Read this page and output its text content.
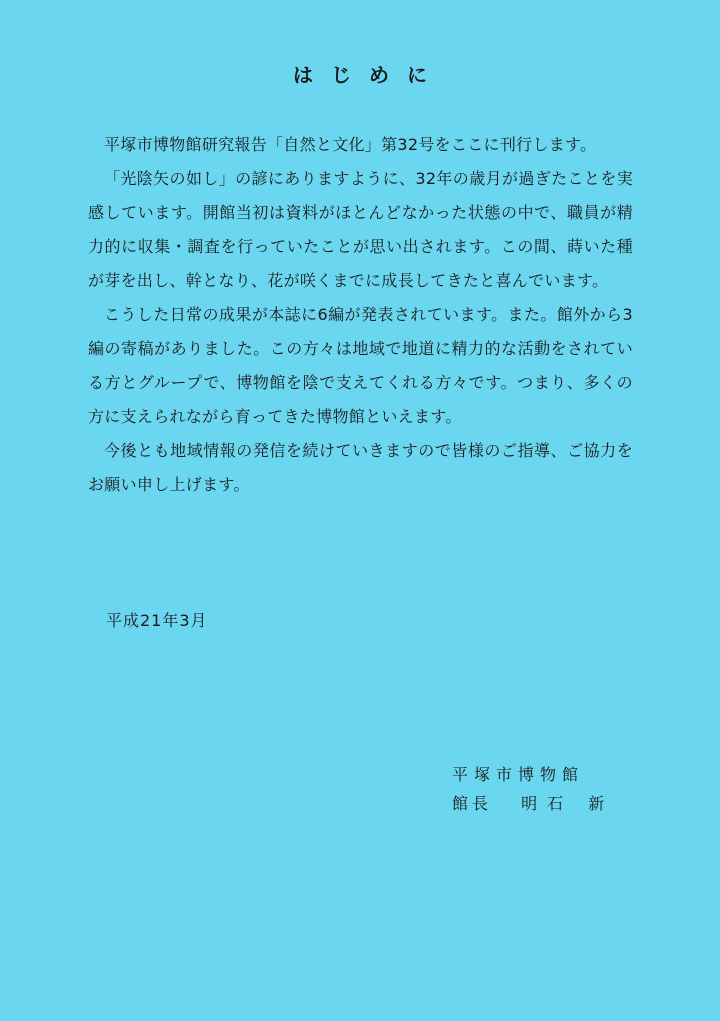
はじめに

平塚市博物館研究報告「自然と文化」第32号をここに刊行します。

「光陰矢の如し」の諺にありますように、32年の歳月が過ぎたことを実感しています。開館当初は資料がほとんどなかった状態の中で、職員が精力的に収集・調査を行っていたことが思い出されます。この間、蒔いた種が芽を出し、幹となり、花が咲くまでに成長してきたと喜んでいます。

こうした日常の成果が本誌に6編が発表されています。また。館外から3編の寄稿がありました。この方々は地域で地道に精力的な活動をされている方とグループで、博物館を陰で支えてくれる方々です。つまり、多くの方に支えられながら育ってきた博物館といえます。

今後とも地域情報の発信を続けていきますので皆様のご指導、ご協力をお願い申し上げます。

平成21年3月
平塚市博物館
館長 明石 新
